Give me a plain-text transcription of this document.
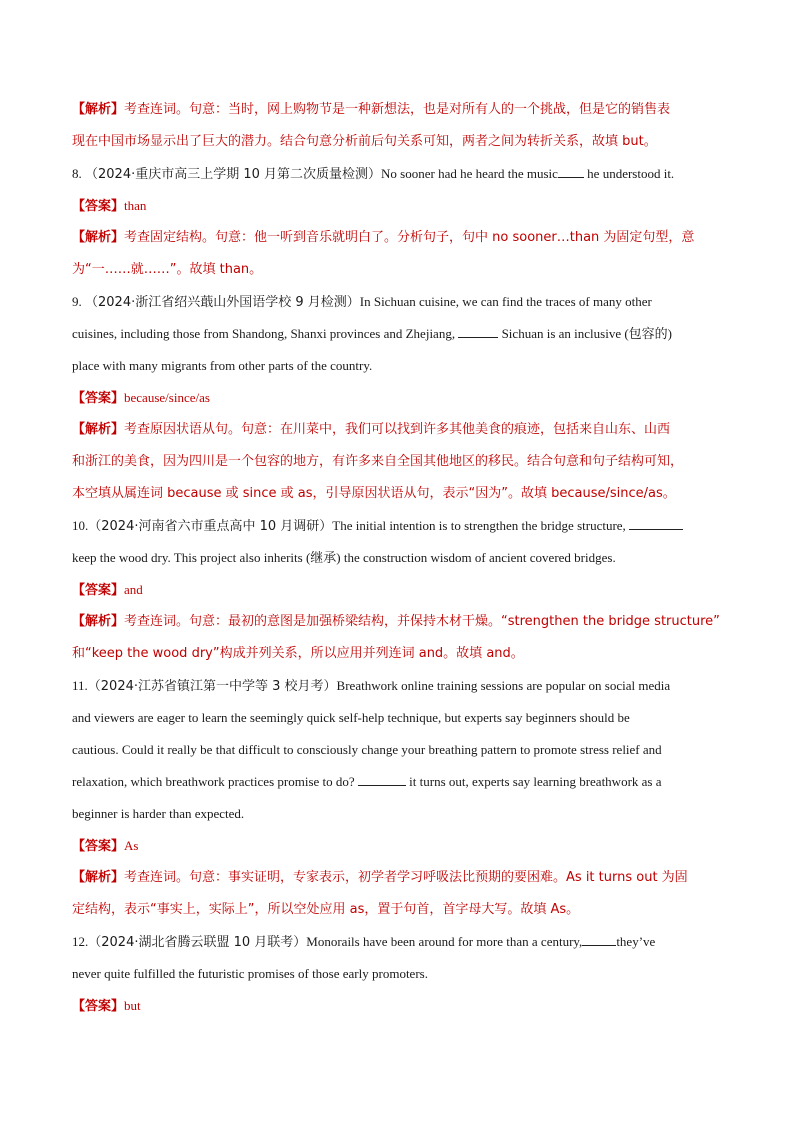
【解析】考查连词。句意：当时，网上购物节是一种新想法，也是对所有人的一个挑战，但是它的销售表
现在中国市场显示出了巨大的潜力。结合句意分析前后句关系可知，两者之间为转折关系，故填 but。
8. （2024·重庆市高三上学期 10 月第二次质量检测）No sooner had he heard the music he understood it.
【答案】than
【解析】考查固定结构。句意：他一听到音乐就明白了。分析句子，句中 no sooner…than 为固定句型，意
为“一……就……”。故填 than。
9. （2024·浙江省绍兴蕺山外国语学校 9 月检测）In Sichuan cuisine, we can find the traces of many other
cuisines, including those from Shandong, Shanxi provinces and Zhejiang,	Sichuan is an inclusive (包容的)
place with many migrants from other parts of the country.
【答案】because/since/as
【解析】考查原因状语从句。句意：在川菜中，我们可以找到许多其他美食的痕迹，包括来自山东、山西
和浙江的美食，因为四川是一个包容的地方，有许多来自全国其他地区的移民。结合句意和句子结构可知，
本空填从属连词 because 或 since 或 as，引导原因状语从句，表示“因为”。故填 because/since/as。
10.（2024·河南省六市重点高中 10 月调研）The initial intention is to strengthen the bridge structure,
keep the wood dry. This project also inherits (继承) the construction wisdom of ancient covered bridges.
【答案】and
【解析】考查连词。句意：最初的意图是加强桥梁结构，并保持木材干燥。“strengthen the bridge structure”
和“keep the wood dry”构成并列关系，所以应用并列连词 and。故填 and。
11.（2024·江苏省镇江第一中学等 3 校月考）Breathwork online training sessions are popular on social media
and viewers are eager to learn the seemingly quick self-help technique, but experts say beginners should be
cautious. Could it really be that difficult to consciously change your breathing pattern to promote stress relief and
relaxation, which breathwork practices promise to do?	it turns out, experts say learning breathwork as a
beginner is harder than expected.
【答案】As
【解析】考查连词。句意：事实证明，专家表示，初学者学习呼吸法比预期的要困难。As it turns out 为固
定结构，表示“事实上，实际上”，所以空处应用 as，置于句首，首字母大写。故填 As。
12.（2024·湖北省腾云联盟 10 月联考）Monorails have been around for more than a century,	they’ve
never quite fulfilled the futuristic promises of those early promoters.
【答案】but
